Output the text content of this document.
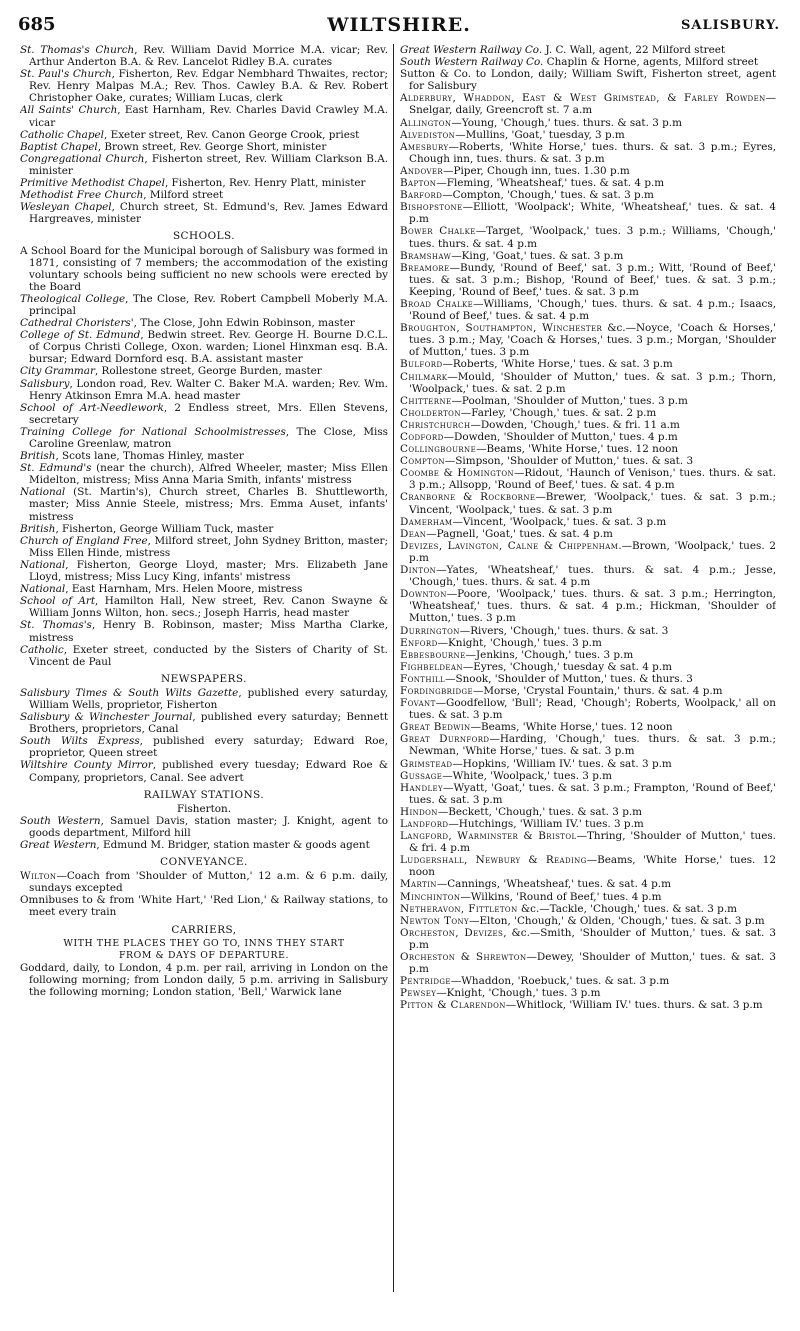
685	WILTSHIRE.	SALISBURY.

St. Thomas's Church, Rev. William David Morrice M.A. vicar; Rev. Arthur Anderton B.A. & Rev. Lancelot Ridley B.A. curates

St. Paul's Church, Fisherton, Rev. Edgar Nembhard Thwaites, rector; Rev. Henry Malpas M.A.; Rev. Thos. Cawley B.A. & Rev. Robert Christopher Oake, curates; William Lucas, clerk

All Saints' Church, East Harnham, Rev. Charles David Crawley M.A. vicar

Catholic Chapel, Exeter street, Rev. Canon George Crook, priest

Baptist Chapel, Brown street, Rev. George Short, minister

Congregational Church, Fisherton street, Rev. William Clarkson B.A. minister

Primitive Methodist Chapel, Fisherton, Rev. Henry Platt, minister

Methodist Free Church, Milford street

Wesleyan Chapel, Church street, St. Edmund's, Rev. James Edward Hargreaves, minister

SCHOOLS.

A School Board for the Municipal borough of Salisbury was formed in 1871, consisting of 7 members; the accommodation of the existing voluntary schools being sufficient no new schools were erected by the Board

Theological College, The Close, Rev. Robert Campbell Moberly M.A. principal

Cathedral Choristers', The Close, John Edwin Robinson, master

College of St. Edmund, Bedwin street. Rev. George H. Bourne D.C.L. of Corpus Christi College, Oxon. warden; Lionel Hinxman esq. B.A. bursar; Edward Dornford esq. B.A. assistant master

City Grammar, Rollestone street, George Burden, master

Salisbury, London road, Rev. Walter C. Baker M.A. warden; Rev. Wm. Henry Atkinson Emra M.A. head master

School of Art-Needlework, 2 Endless street, Mrs. Ellen Stevens, secretary

Training College for National Schoolmistresses, The Close, Miss Caroline Greenlaw, matron

British, Scots lane, Thomas Hinley, master

St. Edmund's (near the church), Alfred Wheeler, master; Miss Ellen Midelton, mistress; Miss Anna Maria Smith, infants' mistress

National (St. Martin's), Church street, Charles B. Shuttleworth, master; Miss Annie Steele, mistress; Mrs. Emma Auset, infants' mistress

British, Fisherton, George William Tuck, master

Church of England Free, Milford street, John Sydney Britton, master; Miss Ellen Hinde, mistress

National, Fisherton, George Lloyd, master; Mrs. Elizabeth Jane Lloyd, mistress; Miss Lucy King, infants' mistress

National, East Harnham, Mrs. Helen Moore, mistress

School of Art, Hamilton Hall, New street, Rev. Canon Swayne & William Jonns Wilton, hon. secs.; Joseph Harris, head master

St. Thomas's, Henry B. Robinson, master; Miss Martha Clarke, mistress

Catholic, Exeter street, conducted by the Sisters of Charity of St. Vincent de Paul

NEWSPAPERS.

Salisbury Times & South Wilts Gazette, published every saturday, William Wells, proprietor, Fisherton

Salisbury & Winchester Journal, published every saturday; Bennett Brothers, proprietors, Canal

South Wilts Express, published every saturday; Edward Roe, proprietor, Queen street

Wiltshire County Mirror, published every tuesday; Edward Roe & Company, proprietors, Canal. See advert

RAILWAY STATIONS.

Fisherton.

South Western, Samuel Davis, station master; J. Knight, agent to goods department, Milford hill

Great Western, Edmund M. Bridger, station master & goods agent

CONVEYANCE.

Wilton—Coach from 'Shoulder of Mutton,' 12 a.m. & 6 p.m. daily, sundays excepted

Omnibuses to & from 'White Hart,' 'Red Lion,' & Railway stations, to meet every train

CARRIERS,

WITH THE PLACES THEY GO TO, INNS THEY START

FROM & DAYS OF DEPARTURE.

Goddard, daily, to London, 4 p.m. per rail, arriving in London on the following morning; from London daily, 5 p.m. arriving in Salisbury the following morning; London station, 'Bell,' Warwick lane

Great Western Railway Co. J. C. Wall, agent, 22 Milford street

South Western Railway Co. Chaplin & Horne, agents, Milford street

Sutton & Co. to London, daily; William Swift, Fisherton street, agent for Salisbury

Alderbury, Whaddon, East & West Grimstead, & Farley Rowden—Snelgar, daily, Greencroft st. 7 a.m

Allington—Young, 'Chough,' tues. thurs. & sat. 3 p.m

Alvediston—Mullins, 'Goat,' tuesday, 3 p.m

Amesbury—Roberts, 'White Horse,' tues. thurs. & sat. 3 p.m.; Eyres, Chough inn, tues. thurs. & sat. 3 p.m

Andover—Piper, Chough inn, tues. 1.30 p.m

Bapton—Fleming, 'Wheatsheaf,' tues. & sat. 4 p.m

Barford—Compton, 'Chough,' tues. & sat. 3 p.m

Bishopstone—Elliott, 'Woolpack'; White, 'Wheatsheaf,' tues. & sat. 4 p.m

Bower Chalke—Target, 'Woolpack,' tues. 3 p.m.; Williams, 'Chough,' tues. thurs. & sat. 4 p.m

Bramshaw—King, 'Goat,' tues. & sat. 3 p.m

Breamore—Bundy, 'Round of Beef,' sat. 3 p.m.; Witt, 'Round of Beef,' tues. & sat. 3 p.m.; Bishop, 'Round of Beef,' tues. & sat. 3 p.m.; Keeping, 'Round of Beef,' tues. & sat. 3 p.m

Broad Chalke—Williams, 'Chough,' tues. thurs. & sat. 4 p.m.; Isaacs, 'Round of Beef,' tues. & sat. 4 p.m

Broughton, Southampton, Winchester &c.—Noyce, 'Coach & Horses,' tues. 3 p.m.; May, 'Coach & Horses,' tues. 3 p.m.; Morgan, 'Shoulder of Mutton,' tues. 3 p.m

Bulford—Roberts, 'White Horse,' tues. & sat. 3 p.m

Chilmark—Mould, 'Shoulder of Mutton,' tues. & sat. 3 p.m.; Thorn, 'Woolpack,' tues. & sat. 2 p.m

Chitterne—Poolman, 'Shoulder of Mutton,' tues. 3 p.m

Cholderton—Farley, 'Chough,' tues. & sat. 2 p.m

Christchurch—Dowden, 'Chough,' tues. & fri. 11 a.m

Codford—Dowden, 'Shoulder of Mutton,' tues. 4 p.m

Collingbourne—Beams, 'White Horse,' tues. 12 noon

Compton—Simpson, 'Shoulder of Mutton,' tues. & sat. 3

Coombe & Homington—Ridout, 'Haunch of Venison,' tues. thurs. & sat. 3 p.m.; Allsopp, 'Round of Beef,' tues. & sat. 4 p.m

Cranborne & Rockborne—Brewer, 'Woolpack,' tues. & sat. 3 p.m.; Vincent, 'Woolpack,' tues. & sat. 3 p.m

Damerham—Vincent, 'Woolpack,' tues. & sat. 3 p.m

Dean—Pagnell, 'Goat,' tues. & sat. 4 p.m

Devizes, Lavington, Calne & Chippenham.—Brown, 'Woolpack,' tues. 2 p.m

Dinton—Yates, 'Wheatsheaf,' tues. thurs. & sat. 4 p.m.; Jesse, 'Chough,' tues. thurs. & sat. 4 p.m

Downton—Poore, 'Woolpack,' tues. thurs. & sat. 3 p.m.; Herrington, 'Wheatsheaf,' tues. thurs. & sat. 4 p.m.; Hickman, 'Shoulder of Mutton,' tues. 3 p.m

Durrington—Rivers, 'Chough,' tues. thurs. & sat. 3

Enford—Knight, 'Chough,' tues. 3 p.m

Ebbesbourne—Jenkins, 'Chough,' tues. 3 p.m

Fighbeldean—Eyres, 'Chough,' tuesday & sat. 4 p.m

Fonthill—Snook, 'Shoulder of Mutton,' tues. & thurs. 3

Fordingbridge—Morse, 'Crystal Fountain,' thurs. & sat. 4 p.m

Fovant—Goodfellow, 'Bull'; Read, 'Chough'; Roberts, Woolpack,' all on tues. & sat. 3 p.m

Great Bedwin—Beams, 'White Horse,' tues. 12 noon

Great Durnford—Harding, 'Chough,' tues. thurs. & sat. 3 p.m.; Newman, 'White Horse,' tues. & sat. 3 p.m

Grimstead—Hopkins, 'William IV.' tues. & sat. 3 p.m

Gussage—White, 'Woolpack,' tues. 3 p.m

Handley—Wyatt, 'Goat,' tues. & sat. 3 p.m.; Frampton, 'Round of Beef,' tues. & sat. 3 p.m

Hindon—Beckett, 'Chough,' tues. & sat. 3 p.m

Landford—Hutchings, 'William IV.' tues. 3 p.m

Langford, Warminster & Bristol—Thring, 'Shoulder of Mutton,' tues. & fri. 4 p.m

Ludgershall, Newbury & Reading—Beams, 'White Horse,' tues. 12 noon

Martin—Cannings, 'Wheatsheaf,' tues. & sat. 4 p.m

Minchinton—Wilkins, 'Round of Beef,' tues. 4 p.m

Netheravon, Fittleton &c.—Tackle, 'Chough,' tues. & sat. 3 p.m

Newton Tony—Elton, 'Chough,' & Olden, 'Chough,' tues. & sat. 3 p.m

Orcheston, Devizes, &c.—Smith, 'Shoulder of Mutton,' tues. & sat. 3 p.m

Orcheston & Shrewton—Dewey, 'Shoulder of Mutton,' tues. & sat. 3 p.m

Pentridge—Whaddon, 'Roebuck,' tues. & sat. 3 p.m

Pewsey—Knight, 'Chough,' tues. 3 p.m

Pitton & Clarendon—Whitlock, 'William IV.' tues. thurs. & sat. 3 p.m
